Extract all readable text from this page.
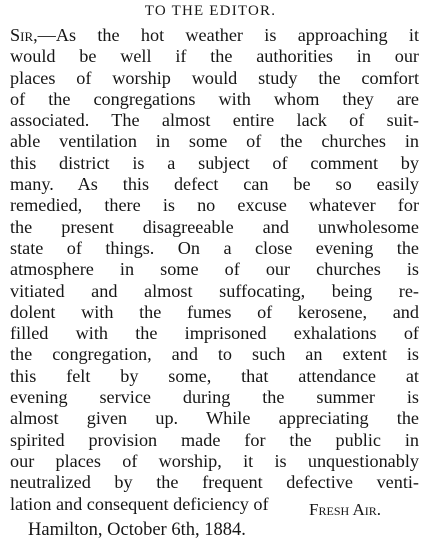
TO THE EDITOR.
Sir,—As the hot weather is approaching it
would be well if the authorities in our
places of worship would study the comfort
of the congregations with whom they are
associated. The almost entire lack of suit-
able ventilation in some of the churches in
this district is a subject of comment by
many. As this defect can be so easily
remedied, there is no excuse whatever for
the present disagreeable and unwholesome
state of things. On a close evening the
atmosphere in some of our churches is
vitiated and almost suffocating, being re-
dolent with the fumes of kerosene, and
filled with the imprisoned exhalations of
the congregation, and to such an extent is
this felt by some, that attendance at
evening service during the summer is
almost given up. While appreciating the
spirited provision made for the public in
our places of worship, it is unquestionably
neutralized by the frequent defective venti-
lation and consequent deficiency of	Fresh Air.
Hamilton, October 6th, 1884.
